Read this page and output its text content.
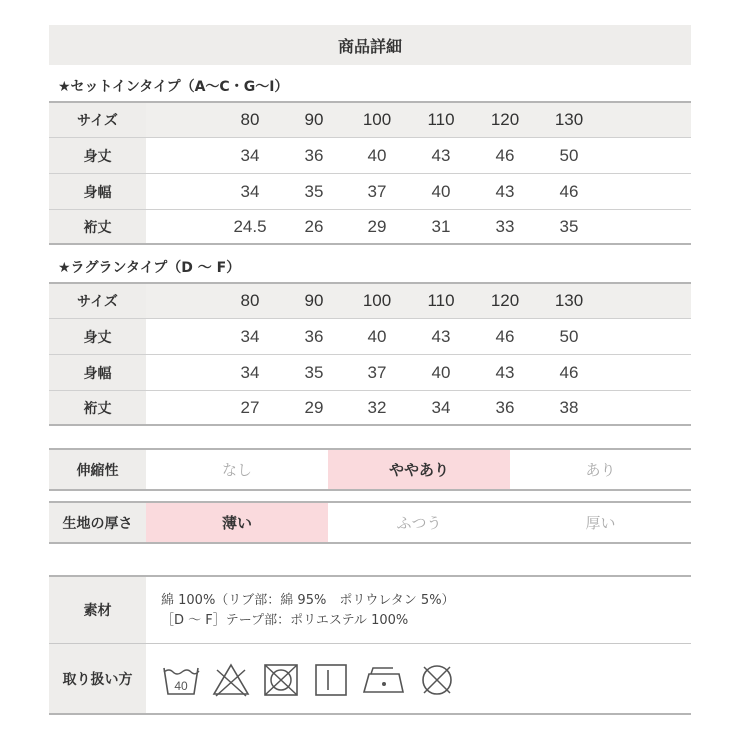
商品詳細
★セットインタイプ（A〜C・G〜I）
サイズ	80	90	100	110	120	130
身丈	34	36	40	43	46	50
身幅	34	35	37	40	43	46
裄丈	24.5	26	29	31	33	35
★ラグランタイプ（D 〜 F）
サイズ	80	90	100	110	120	130
身丈	34	36	40	43	46	50
身幅	34	35	37	40	43	46
裄丈	27	29	32	34	36	38
伸縮性	なし	ややあり	あり
生地の厚さ	薄い	ふつう	厚い
素材
綿 100%（リブ部：綿 95%　ポリウレタン 5%）
［D 〜 F］テープ部：ポリエステル 100%
取り扱い方	40
